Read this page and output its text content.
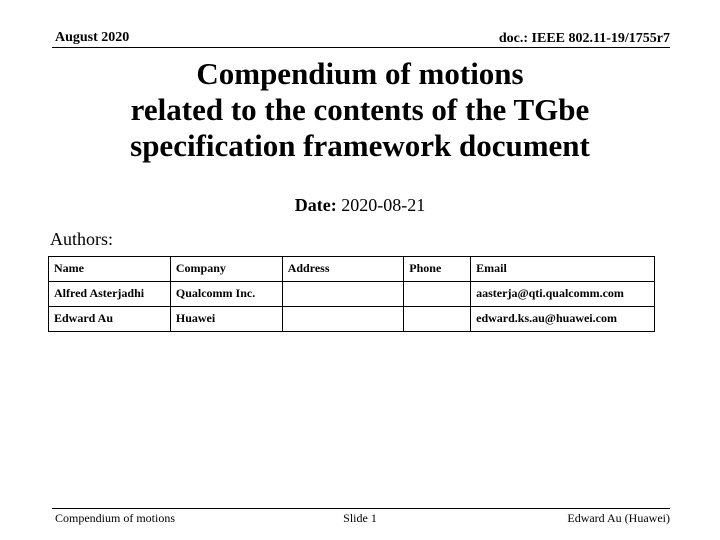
August 2020	doc.: IEEE 802.11-19/1755r7
Compendium of motions
related to the contents of the TGbe
specification framework document
Date: 2020-08-21
Authors:
Name	Company	Address	Phone	Email
Alfred Asterjadhi	Qualcomm Inc.			aasterja@qti.qualcomm.com
Edward Au	Huawei			edward.ks.au@huawei.com
Compendium of motions	Slide 1	Edward Au (Huawei)
